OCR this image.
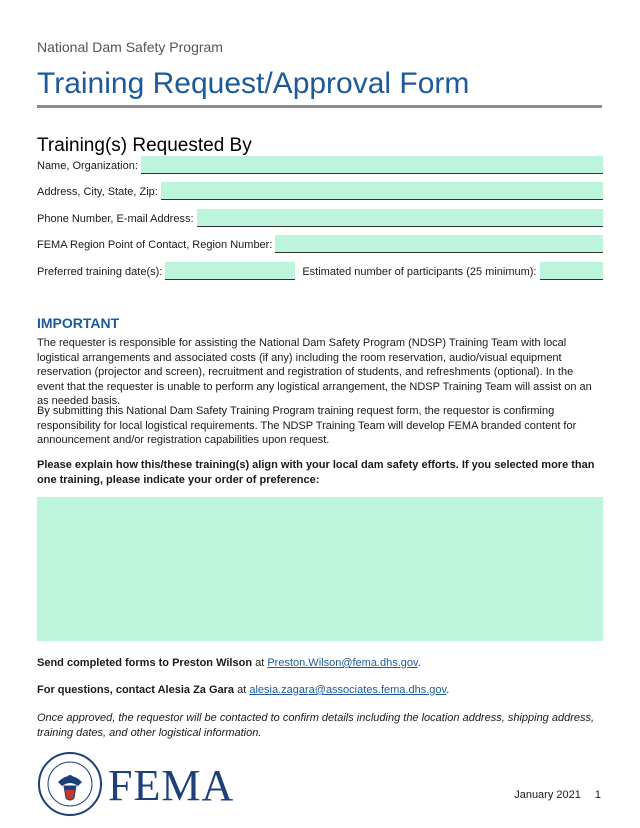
National Dam Safety Program
Training Request/Approval Form
Training(s) Requested By
Name, Organization:
Address, City, State, Zip:
Phone Number, E-mail Address:
FEMA Region Point of Contact, Region Number:
Preferred training date(s):	Estimated number of participants (25 minimum):
IMPORTANT
The requester is responsible for assisting the National Dam Safety Program (NDSP) Training Team with local logistical arrangements and associated costs (if any) including the room reservation, audio/visual equipment reservation (projector and screen), recruitment and registration of students, and refreshments (optional). In the event that the requester is unable to perform any logistical arrangement, the NDSP Training Team will assist on an as needed basis.
By submitting this National Dam Safety Training Program training request form, the requestor is confirming responsibility for local logistical requirements. The NDSP Training Team will develop FEMA branded content for announcement and/or registration capabilities upon request.
Please explain how this/these training(s) align with your local dam safety efforts. If you selected more than one training, please indicate your order of preference:
Send completed forms to Preston Wilson at Preston.Wilson@fema.dhs.gov.
For questions, contact Alesia Za Gara at alesia.zagara@associates.fema.dhs.gov.
Once approved, the requestor will be contacted to confirm details including the location address, shipping address, training dates, and other logistical information.
FEMA	January 2021 1
